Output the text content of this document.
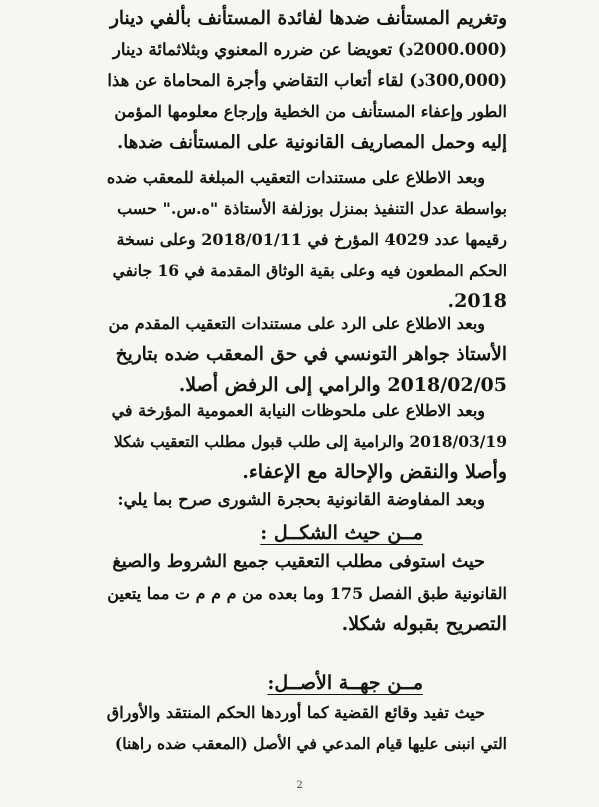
وتغريم المستأنف ضدها لفائدة المستأنف بألفي دينار
(2000.000د) تعويضا عن ضرره المعنوي وبثلاثمائة دينار
(300,000د) لقاء أتعاب التقاضي وأجرة المحاماة عن هذا
الطور وإعفاء المستأنف من الخطية وإرجاع معلومها المؤمن
إليه وحمل المصاريف القانونية على المستأنف ضدها.

وبعد الاطلاع على مستندات التعقيب المبلغة للمعقب ضده
بواسطة عدل التنفيذ بمنزل بوزلفة الأستاذة "ه.س." حسب
رقيمها عدد 4029 المؤرخ في 2018/01/11 وعلى نسخة
الحكم المطعون فيه وعلى بقية الوثاق المقدمة في 16 جانفي
2018.

وبعد الاطلاع على الرد على مستندات التعقيب المقدم من
الأستاذ جواهر التونسي في حق المعقب ضده بتاريخ
2018/02/05 والرامي إلى الرفض أصلا.

وبعد الاطلاع على ملحوظات النيابة العمومية المؤرخة في
2018/03/19 والرامية إلى طلب قبول مطلب التعقيب شكلا
وأصلا والنقض والإحالة مع الإعفاء.

وبعد المفاوضة القانونية بحجرة الشورى صرح بما يلي:

مــن حيث الشكــل :

حيث استوفى مطلب التعقيب جميع الشروط والصيغ
القانونية طبق الفصل 175 وما بعده من م م م ت مما يتعين
التصريح بقبوله شكلا.

مــن جهــة الأصــل:

حيث تفيد وقائع القضية كما أوردها الحكم المنتقد والأوراق
التي انبنى عليها قيام المدعي في الأصل (المعقب ضده راهنا)

2
